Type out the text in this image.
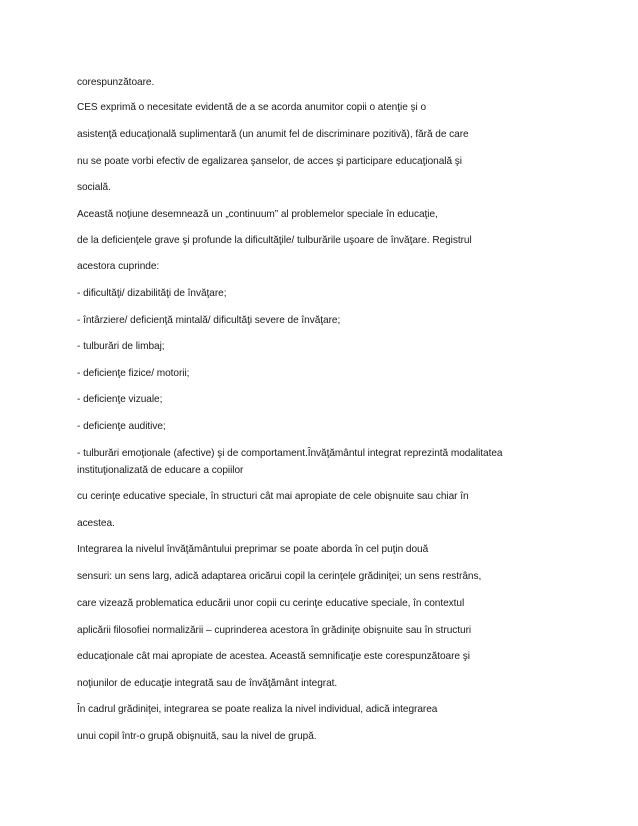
corespunzătoare.
CES exprimă o necesitate evidentă de a se acorda anumitor copii o atenţie şi o
asistenţă educaţională suplimentară (un anumit fel de discriminare pozitivă), fără de care
nu se poate vorbi efectiv de egalizarea şanselor, de acces şi participare educaţională şi
socială.
Această noţiune desemnează un „continuum” al problemelor speciale în educaţie,
de la deficienţele grave şi profunde la dificultăţile/ tulburările uşoare de învăţare. Registrul
acestora cuprinde:
- dificultăţi/ dizabilităţi de învăţare;
- întârziere/ deficienţă mintală/ dificultăţi severe de învăţare;
- tulburări de limbaj;
- deficienţe fizice/ motorii;
- deficienţe vizuale;
- deficienţe auditive;
- tulburări emoţionale (afective) şi de comportament.Învăţământul integrat reprezintă modalitatea instituţionalizată de educare a copiilor
cu cerinţe educative speciale, în structuri cât mai apropiate de cele obişnuite sau chiar în
acestea.
Integrarea la nivelul învăţământului preprimar se poate aborda în cel puţin două
sensuri: un sens larg, adică adaptarea oricărui copil la cerinţele grădiniţei; un sens restrâns,
care vizează problematica educării unor copii cu cerinţe educative speciale, în contextul
aplicării filosofiei normalizării – cuprinderea acestora în grădiniţe obişnuite sau în structuri
educaţionale cât mai apropiate de acestea. Această semnificaţie este corespunzătoare şi
noţiunilor de educaţie integrată sau de învăţământ integrat.
În cadrul grădiniţei, integrarea se poate realiza la nivel individual, adică integrarea
unui copil într-o grupă obişnuită, sau la nivel de grupă.
